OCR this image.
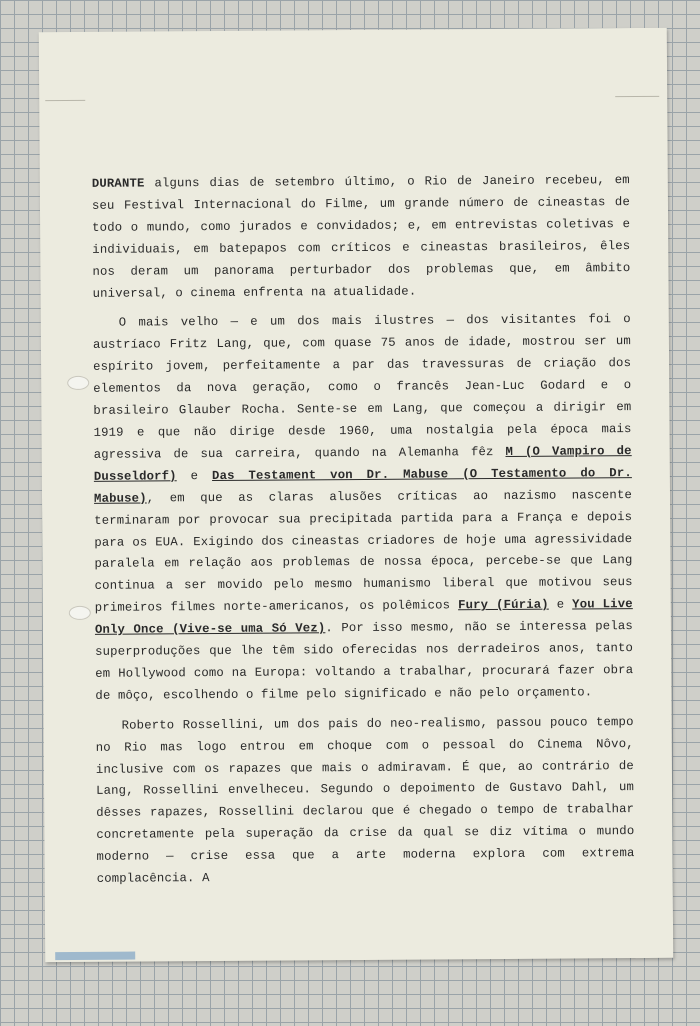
DURANTE alguns dias de setembro último, o Rio de Janeiro recebeu, em seu Festival Internacional do Filme, um grande número de cineastas de todo o mundo, como jurados e convidados; e, em entrevistas coletivas e individuais, em batepapos com críticos e cineastas brasileiros, êles nos deram um panorama perturbador dos problemas que, em âmbito universal, o cinema enfrenta na atualidade.

O mais velho — e um dos mais ilustres — dos visitantes foi o austríaco Fritz Lang, que, com quase 75 anos de idade, mostrou ser um espírito jovem, perfeitamente a par das travessuras de criação dos elementos da nova geração, como o francês Jean-Luc Godard e o brasileiro Glauber Rocha. Sente-se em Lang, que começou a dirigir em 1919 e que não dirige desde 1960, uma nostalgia pela época mais agressiva de sua carreira, quando na Alemanha fêz M (O Vampiro de Dusseldorf) e Das Testament von Dr. Mabuse (O Testamento do Dr. Mabuse), em que as claras alusões críticas ao nazismo nascente terminaram por provocar sua precipitada partida para a França e depois para os EUA. Exigindo dos cineastas criadores de hoje uma agressividade paralela em relação aos problemas de nossa época, percebe-se que Lang continua a ser movido pelo mesmo humanismo liberal que motivou seus primeiros filmes norte-americanos, os polêmicos Fury (Fúria) e You Live Only Once (Vive-se uma Só Vez). Por isso mesmo, não se interessa pelas superproduções que lhe têm sido oferecidas nos derradeiros anos, tanto em Hollywood como na Europa: voltando a trabalhar, procurará fazer obra de môço, escolhendo o filme pelo significado e não pelo orçamento.

Roberto Rossellini, um dos pais do neo-realismo, passou pouco tempo no Rio mas logo entrou em choque com o pessoal do Cinema Nôvo, inclusive com os rapazes que mais o admiravam. É que, ao contrário de Lang, Rossellini envelheceu. Segundo o depoimento de Gustavo Dahl, um dêsses rapazes, Rossellini declarou que é chegado o tempo de trabalhar concretamente pela superação da crise da qual se diz vítima o mundo moderno — crise essa que a arte moderna explora com extrema complacência. A
